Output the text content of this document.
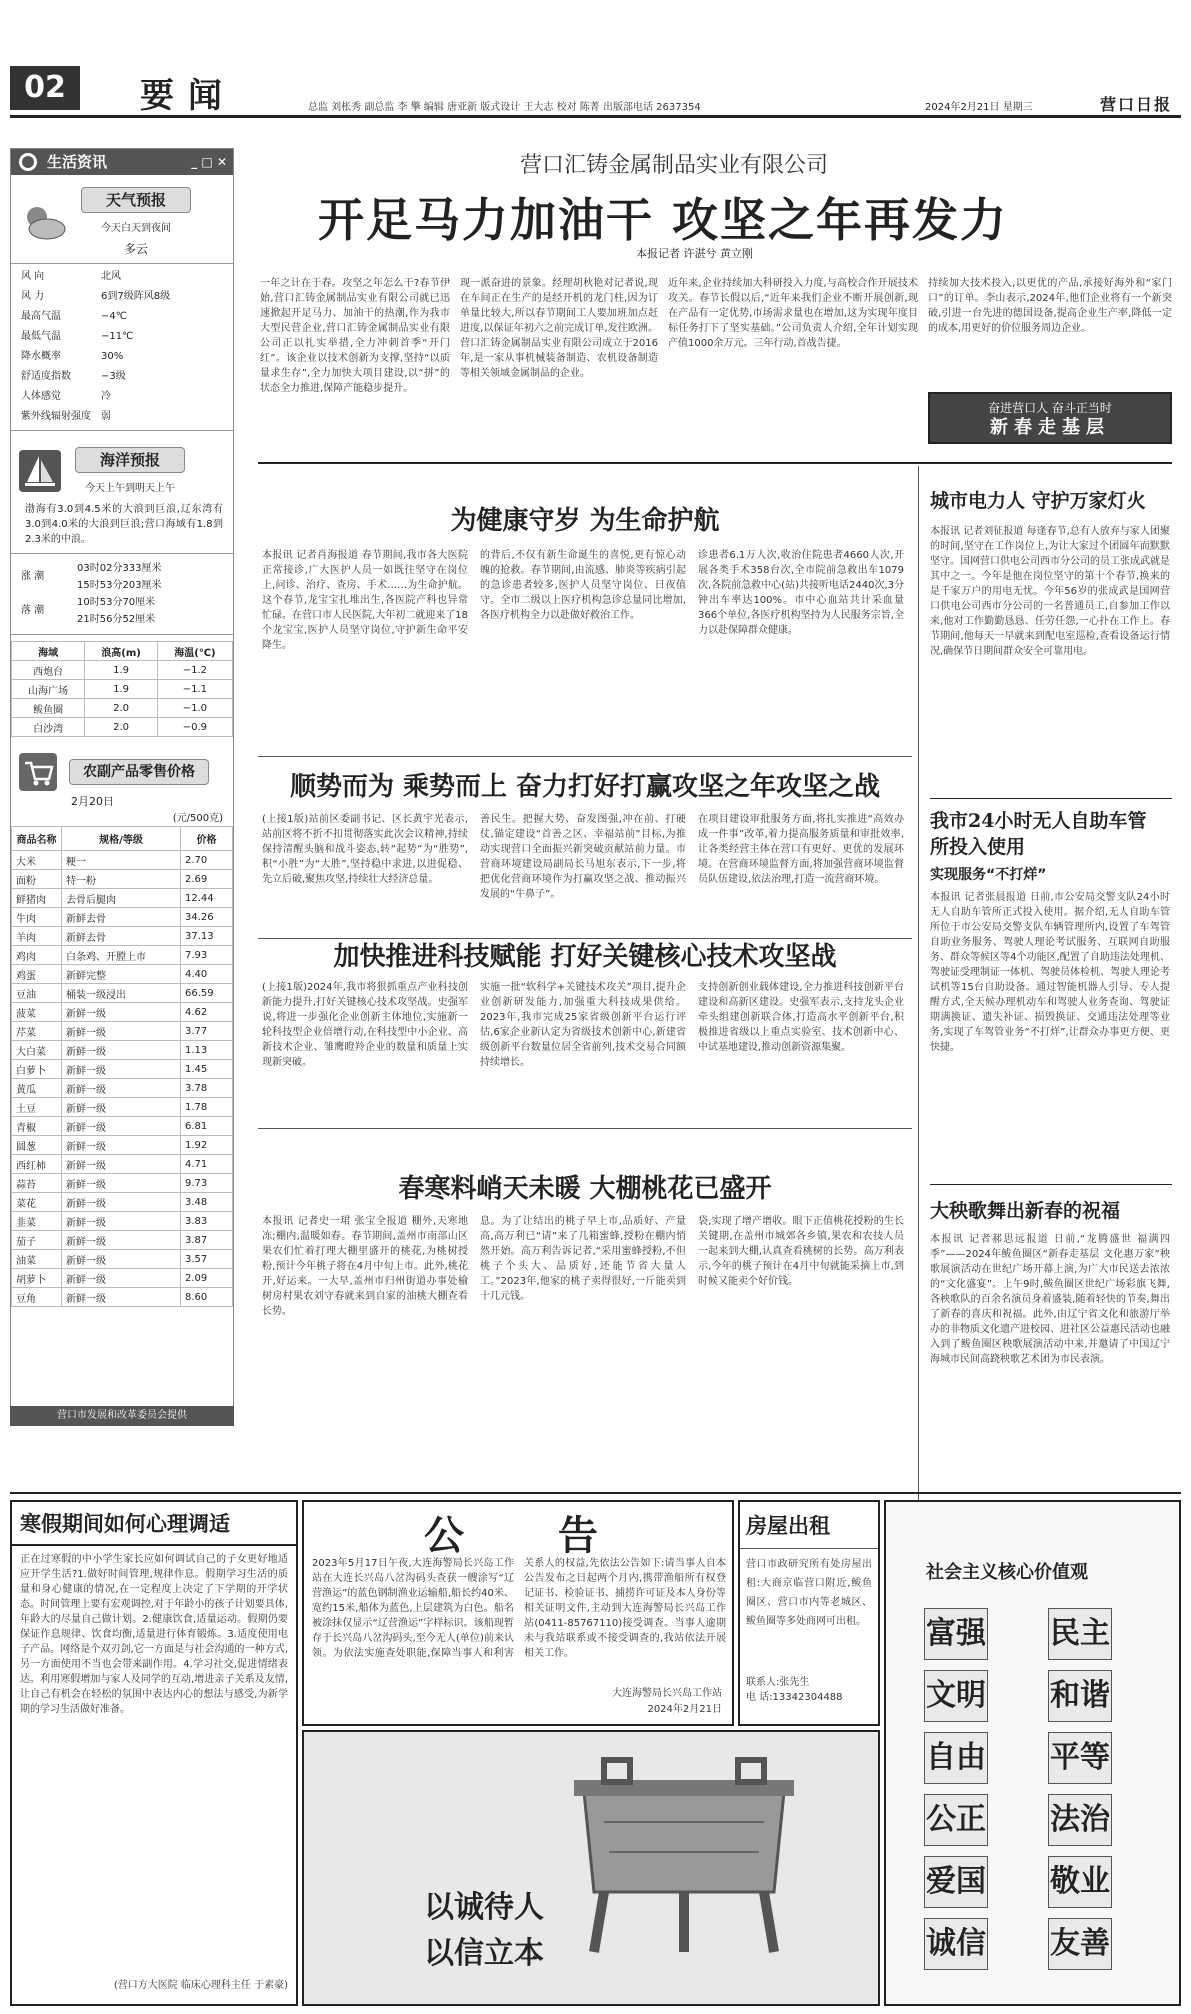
02	要闻	总监 刘枨秀 副总监 李 擎 编辑 唐亚新 版式设计 王大志 校对 陈菁 出版部电话 2637354	2024年2月21日 星期三	营口日报
生活资讯	_ □ ✕
天气预报
今天白天到夜间
多云
风 向	北风
风 力	6到7级阵风8级
最高气温	−4℃
最低气温	−11℃
降水概率	30%
舒适度指数	−3级
人体感觉	冷
紫外线辐射强度	弱
海洋预报
今天上午到明天上午
渤海有3.0到4.5米的大浪到巨浪,辽东湾有3.0到4.0米的大浪到巨浪;营口海域有1.8到2.3米的中浪。
涨 潮
03时02分333厘米
15时53分203厘米
落 潮
10时53分70厘米
21时56分52厘米
海域	浪高(m)	海温(℃)
西炮台	1.9	−1.2
山海广场	1.9	−1.1
鲅鱼圈	2.0	−1.0
白沙湾	2.0	−0.9
农副产品零售价格
2月20日
(元/500克)
商品名称	规格/等级	价格
大米	粳一	2.70
面粉	特一粉	2.69
鲜猪肉	去骨后腿肉	12.44
牛肉	新鲜去骨	34.26
羊肉	新鲜去骨	37.13
鸡肉	白条鸡、开膛上市	7.93
鸡蛋	新鲜完整	4.40
豆油	桶装一级浸出	66.59
菠菜	新鲜一级	4.62
芹菜	新鲜一级	3.77
大白菜	新鲜一级	1.13
白萝卜	新鲜一级	1.45
黄瓜	新鲜一级	3.78
土豆	新鲜一级	1.78
青椒	新鲜一级	6.81
圆葱	新鲜一级	1.92
西红柿	新鲜一级	4.71
蒜苔	新鲜一级	9.73
菜花	新鲜一级	3.48
韭菜	新鲜一级	3.83
茄子	新鲜一级	3.87
油菜	新鲜一级	3.57
胡萝卜	新鲜一级	2.09
豆角	新鲜一级	8.60
营口市发展和改革委员会提供
营口汇铸金属制品实业有限公司
开足马力加油干 攻坚之年再发力
本报记者 许湛兮 黄立刚
一年之计在于春。攻坚之年怎么干?春节伊始,营口汇铸金属制品实业有限公司就已迅速掀起开足马力、加油干的热潮,作为我市大型民营企业,营口汇铸金属制品实业有限公司正以扎实举措,全力冲刺首季“开门红”。该企业以技术创新为支撑,坚持“以质量求生存”,全力加快大项目建设,以“拼”的状态全力推进,保障产能稳步提升。
现一派奋进的景象。经理胡秋艳对记者说,现在车间正在生产的是经开机的龙门柱,因为订单量比较大,所以春节期间工人要加班加点赶进度,以保证年初六之前完成订单,发往欧洲。营口汇铸金属制品实业有限公司成立于2016年,是一家从事机械装备制造、农机设备制造等相关领域金属制品的企业。
近年来,企业持续加大科研投入力度,与高校合作开展技术攻关。春节长假以后,“近年来我们企业不断开展创新,现在产品有一定优势,市场需求量也在增加,这为实现年度目标任务打下了坚实基础。”公司负责人介绍,全年计划实现产值1000余万元。三年行动,首战告捷。
持续加大技术投入,以更优的产品,承接好海外和“家门口”的订单。李山表示,2024年,他们企业将有一个新突破,引进一台先进的德国设备,提高企业生产率,降低一定的成本,用更好的价位服务周边企业。
奋进营口人 奋斗正当时
新春走基层
为健康守岁 为生命护航
本报讯 记者肖海报道 春节期间,我市各大医院正常接诊,广大医护人员一如既往坚守在岗位上,问诊、治疗、查房、手术……为生命护航。这个春节,龙宝宝扎堆出生,各医院产科也异常忙碌。在营口市人民医院,大年初二就迎来了18个龙宝宝,医护人员坚守岗位,守护新生命平安降生。
的背后,不仅有新生命诞生的喜悦,更有惊心动魄的抢救。春节期间,由流感、肺炎等疾病引起的急诊患者较多,医护人员坚守岗位、日夜值守。全市二级以上医疗机构急诊总量同比增加,各医疗机构全力以赴做好救治工作。
诊患者6.1万人次,收治住院患者4660人次,开展各类手术358台次,全市院前急救出车1079次,各院前急救中心(站)共接听电话2440次,3分钟出车率达100%。市中心血站共计采血量366个单位,各医疗机构坚持为人民服务宗旨,全力以赴保障群众健康。
顺势而为 乘势而上 奋力打好打赢攻坚之年攻坚之战
(上接1版)站前区委副书记、区长黄宇光表示,站前区将不折不扣贯彻落实此次会议精神,持续保持清醒头脑和战斗姿态,转“起势”为“胜势”,积“小胜”为“大胜”,坚持稳中求进,以进促稳、先立后破,聚焦攻坚,持续壮大经济总量。
善民生。把握大势、奋发图强,冲在前、打硬仗,锚定建设“首善之区、幸福站前”目标,为推动实现营口全面振兴新突破贡献站前力量。市营商环境建设局副局长马旭东表示,下一步,将把优化营商环境作为打赢攻坚之战、推动振兴发展的“牛鼻子”。
在项目建设审批服务方面,将扎实推进“高效办成一件事”改革,着力提高服务质量和审批效率,让各类经营主体在营口有更好、更优的发展环境。在营商环境监督方面,将加强营商环境监督员队伍建设,依法治理,打造一流营商环境。
加快推进科技赋能 打好关键核心技术攻坚战
(上接1版)2024年,我市将狠抓重点产业科技创新能力提升,打好关键核心技术攻坚战。史强军说,将进一步强化企业创新主体地位,实施新一轮科技型企业倍增行动,在科技型中小企业、高新技术企业、雏鹰瞪羚企业的数量和质量上实现新突破。
实施一批“软科学+关键技术攻关”项目,提升企业创新研发能力,加强重大科技成果供给。2023年,我市完成25家省级创新平台运行评估,6家企业新认定为省级技术创新中心,新建省级创新平台数量位居全省前列,技术交易合同额持续增长。
支持创新创业载体建设,全力推进科技创新平台建设和高新区建设。史强军表示,支持龙头企业牵头组建创新联合体,打造高水平创新平台,积极推进省级以上重点实验室、技术创新中心、中试基地建设,推动创新资源集聚。
春寒料峭天未暖 大棚桃花已盛开
本报讯 记者史一珺 张宝全报道 棚外,天寒地冻;棚内,温暖如春。春节期间,盖州市南部山区果农们忙着打理大棚里盛开的桃花,为桃树授粉,预计今年桃子将在4月中旬上市。此外,桃花开,好运来。一大早,盖州市归州街道办事处榆树房村果农刘守春就来到自家的油桃大棚查看长势。
息。为了让结出的桃子早上市,品质好、产量高,高万利已“请”来了几箱蜜蜂,授粉在棚内悄然开始。高万利告诉记者,“采用蜜蜂授粉,不但桃子个头大、品质好,还能节省大量人工。”2023年,他家的桃子卖得很好,一斤能卖到十几元钱。
袋,实现了增产增收。眼下正值桃花授粉的生长关键期,在盖州市城郊各乡镇,果农和农技人员一起来到大棚,认真查看桃树的长势。高万利表示,今年的桃子预计在4月中旬就能采摘上市,到时候又能卖个好价钱。
城市电力人 守护万家灯火
本报讯 记者刘征报道 每逢春节,总有人放弃与家人团聚的时间,坚守在工作岗位上,为让大家过个团圆年而默默坚守。国网营口供电公司西市分公司的员工张成武就是其中之一。今年是他在岗位坚守的第十个春节,换来的是千家万户的用电无忧。今年56岁的张成武是国网营口供电公司西市分公司的一名普通员工,自参加工作以来,他对工作勤勤恳恳、任劳任怨,一心扑在工作上。春节期间,他每天一早就来到配电室巡检,查看设备运行情况,确保节日期间群众安全可靠用电。
我市24小时无人自助车管所投入使用
实现服务“不打烊”
本报讯 记者张晨报道 日前,市公安局交警支队24小时无人自助车管所正式投入使用。据介绍,无人自助车管所位于市公安局交警支队车辆管理所内,设置了车驾管自助业务服务、驾驶人理论考试服务、互联网自助服务、群众等候区等4个功能区,配置了自助违法处理机、驾驶证受理制证一体机、驾驶员体检机、驾驶人理论考试机等15台自助设备。通过智能机器人引导、专人提醒方式,全天候办理机动车和驾驶人业务查询、驾驶证期满换证、遗失补证、损毁换证、交通违法处理等业务,实现了车驾管业务“不打烊”,让群众办事更方便、更快捷。
大秧歌舞出新春的祝福
本报讯 记者郝思远报道 日前,“龙腾盛世 福满四季”——2024年鲅鱼圈区“新春走基层 文化惠万家”秧歌展演活动在世纪广场开幕上演,为广大市民送去浓浓的“文化盛宴”。上午9时,鲅鱼圈区世纪广场彩旗飞舞,各秧歌队的百余名演员身着盛装,随着轻快的节奏,舞出了新春的喜庆和祝福。此外,由辽宁省文化和旅游厅举办的非物质文化遗产进校园、进社区公益惠民活动也融入到了鲅鱼圈区秧歌展演活动中来,并邀请了中国辽宁海城市民间高跷秧歌艺术团为市民表演。
寒假期间如何心理调适
正在过寒假的中小学生家长应如何调试自己的子女更好地适应开学生活?1.做好时间管理,规律作息。假期学习生活的质量和身心健康的情况,在一定程度上决定了下学期的开学状态。时间管理上要有宏观调控,对于年龄小的孩子计划要具体,年龄大的尽量自己做计划。2.健康饮食,适量运动。假期仍要保证作息规律、饮食均衡,适量进行体育锻炼。3.适度使用电子产品。网络是个双刃剑,它一方面是与社会沟通的一种方式,另一方面使用不当也会带来副作用。4.学习社交,促进情绪表达。利用寒假增加与家人及同学的互动,增进亲子关系及友情,让自己有机会在轻松的氛围中表达内心的想法与感受,为新学期的学习生活做好准备。
(营口方大医院 临床心理科主任 于素豪)
公 告
2023年5月17日午夜,大连海警局长兴岛工作站在大连长兴岛八岔沟码头查获一艘涂写“辽营渔运”的蓝色钢制渔业运输船,船长约40米、宽约15米,船体为蓝色,上层建筑为白色。船名被涂抹仅显示“辽营渔运”字样标识。该船现暂存于长兴岛八岔沟码头,至今无人(单位)前来认领。为依法实施查处职能,保障当事人和利害关系人的权益,先依法公告如下:请当事人自本公告发布之日起两个月内,携带渔船所有权登记证书、检验证书、捕捞许可证及本人身份等相关证明文件,主动到大连海警局长兴岛工作站(0411-85767110)接受调查。当事人逾期未与我站联系或不接受调查的,我站依法开展相关工作。
大连海警局长兴岛工作站
2024年2月21日
房屋出租
营口市政研究所有处房屋出租:大商京临营口附近,鲅鱼圈区、营口市内等老城区、鲅鱼圈等多处商网可出租。
联系人:张先生
电 话:13342304488
以诚待人
以信立本
社会主义核心价值观
富强 民主
文明 和谐
自由 平等
公正 法治
爱国 敬业
诚信 友善
